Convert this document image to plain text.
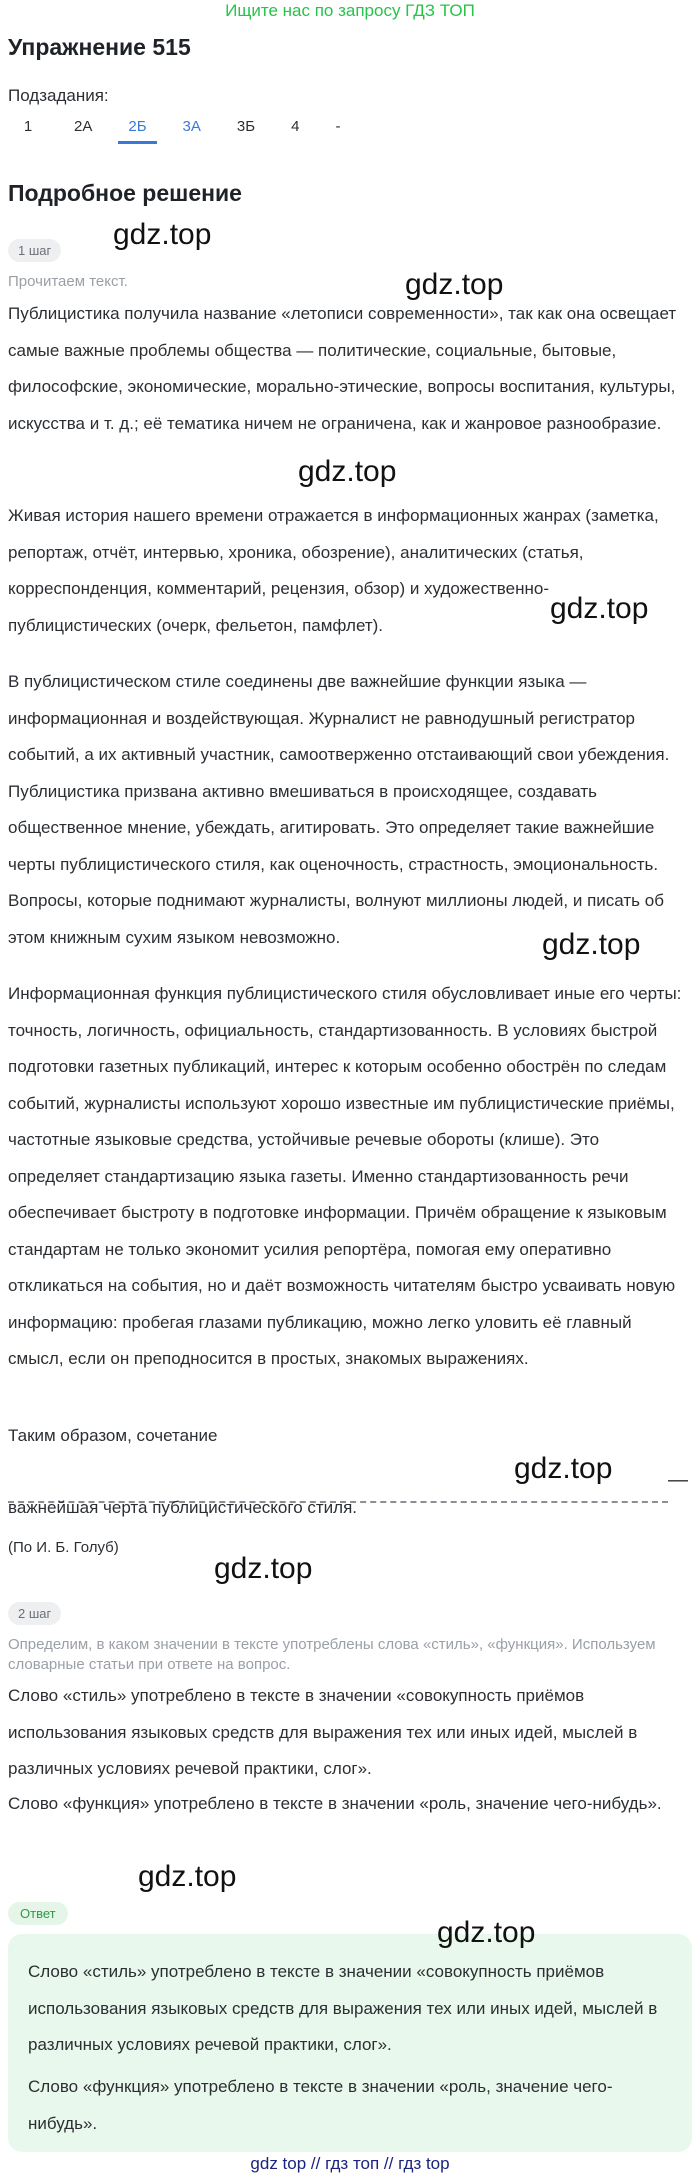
Ищите нас по запросу ГДЗ ТОП
Упражнение 515
Подзадания:
1	2А	2Б	3А	3Б	4	-
Подробное решение
1 шаг
Прочитаем текст.
Публицистика получила название «летописи современности», так как она освещает самые важные проблемы общества — политические, социальные, бытовые, философские, экономические, морально-этические, вопросы воспитания, культуры, искусства и т. д.; её тематика ничем не ограничена, как и жанровое разнообразие.
Живая история нашего времени отражается в информационных жанрах (заметка, репортаж, отчёт, интервью, хроника, обозрение), аналитических (статья, корреспонденция, комментарий, рецензия, обзор) и художественно-публицистических (очерк, фельетон, памфлет).
В публицистическом стиле соединены две важнейшие функции языка — информационная и воздействующая. Журналист не равнодушный регистратор событий, а их активный участник, самоотверженно отстаивающий свои убеждения. Публицистика призвана активно вмешиваться в происходящее, создавать общественное мнение, убеждать, агитировать. Это определяет такие важнейшие черты публицистического стиля, как оценочность, страстность, эмоциональность. Вопросы, которые поднимают журналисты, волнуют миллионы людей, и писать об этом книжным сухим языком невозможно.
Информационная функция публицистического стиля обусловливает иные его черты: точность, логичность, официальность, стандартизованность. В условиях быстрой подготовки газетных публикаций, интерес к которым особенно обострён по следам событий, журналисты используют хорошо известные им публицистические приёмы, частотные языковые средства, устойчивые речевые обороты (клише). Это определяет стандартизацию языка газеты. Именно стандартизованность речи обеспечивает быстроту в подготовке информации. Причём обращение к языковым стандартам не только экономит усилия репортёра, помогая ему оперативно откликаться на события, но и даёт возможность читателям быстро усваивать новую информацию: пробегая глазами публикацию, можно легко уловить её главный смысл, если он преподносится в простых, знакомых выражениях.
Таким образом, сочетание
—
важнейшая черта публицистического стиля.
(По И. Б. Голуб)
2 шаг
Определим, в каком значении в тексте употреблены слова «стиль», «функция». Используем словарные статьи при ответе на вопрос.
Слово «стиль» употреблено в тексте в значении «совокупность приёмов использования языковых средств для выражения тех или иных идей, мыслей в различных условиях речевой практики, слог».
Слово «функция» употреблено в тексте в значении «роль, значение чего-нибудь».
Ответ
Слово «стиль» употреблено в тексте в значении «совокупность приёмов использования языковых средств для выражения тех или иных идей, мыслей в различных условиях речевой практики, слог».
Слово «функция» употреблено в тексте в значении «роль, значение чего-нибудь».
gdz.top
gdz.top
gdz.top
gdz.top
gdz.top
gdz.top
gdz.top
gdz.top
gdz.top
gdz top // гдз топ // гдз top
